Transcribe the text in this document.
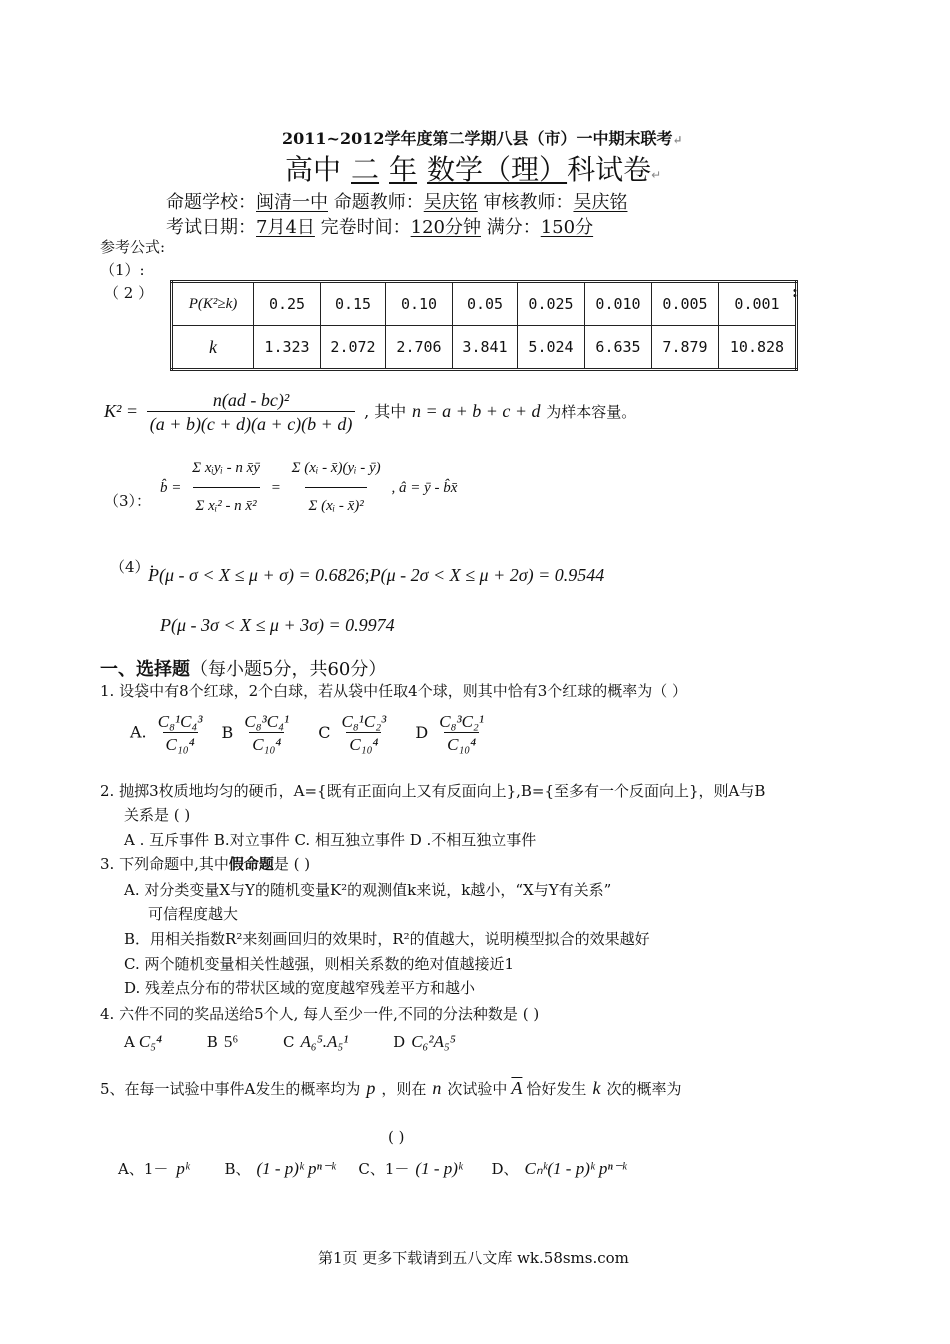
2011~2012学年度第二学期八县（市）一中期末联考↵
高中 二 年 数学（理）科试卷↵
命题学校：闽清一中 命题教师：吴庆铭 审核教师：吴庆铭
考试日期：7月4日 完卷时间：120分钟 满分：150分
参考公式:
（1）:
（ 2 ）	:
P(K²≥k)	0.25	0.15	0.10	0.05	0.025	0.010	0.005	0.001
k	1.323	2.072	2.706	3.841	5.024	6.635	7.879	10.828
$K^2 = \frac{\text{n(ad - bc)²}}{(a + b)(c + d)(a + c)(b + d)}$ , 其中 n = a + b + c + d 为样本容量。
（3）：
b̂ = $\frac{\text{Σ xᵢyᵢ - n x̄ȳ}}{\text{Σ xᵢ² - n x̄²}} = \frac{\text{Σ (xᵢ - x̄)(yᵢ - ȳ)}}{\text{Σ (xᵢ - x̄)²}}$ , â = ȳ - b̂x̄
（4）:
P(μ - σ < X ≤ μ + σ) = 0.6826;P(μ - 2σ < X ≤ μ + 2σ) = 0.9544
P(μ - 3σ < X ≤ μ + 3σ) = 0.9974
一、选择题（每小题5分，共60分）
1. 设袋中有8个红球，2个白球，若从袋中任取4个球，则其中恰有3个红球的概率为（ ）
A. $\frac{\text{C₈¹C₄³}}{\text{C₁₀⁴}}$ B $\frac{\text{C₈³C₄¹}}{\text{C₁₀⁴}}$ C $\frac{\text{C₈¹C₂³}}{\text{C₁₀⁴}}$ D $\frac{\text{C₈³C₂¹}}{\text{C₁₀⁴}}$
2. 抛掷3枚质地均匀的硬币，A={既有正面向上又有反面向上},B={至多有一个反面向上}，则A与B
关系是 ( )
A . 互斥事件 B.对立事件 C. 相互独立事件 D .不相互独立事件
3. 下列命题中,其中假命题是 ( )
A. 对分类变量X与Y的随机变量K²的观测值k来说，k越小，“X与Y有关系”
可信程度越大
B．用相关指数R²来刻画回归的效果时，R²的值越大，说明模型拟合的效果越好
C. 两个随机变量相关性越强，则相关系数的绝对值越接近1
D. 残差点分布的带状区域的宽度越窄残差平方和越小
4. 六件不同的奖品送给5个人, 每人至少一件,不同的分法种数是 ( )
A C₅⁴	B 5⁶	C A₆⁵.A₅¹	D C₆²A₅⁵
5、在每一试验中事件A发生的概率均为 p ，则在 n 次试验中 $\overline{A}$ 恰好发生 k 次的概率为
( )
A、1－ pᵏ B、 (1 - p)ᵏ pⁿ⁻ᵏ C、1－ (1 - p)ᵏ D、 Cₙᵏ(1 - p)ᵏ pⁿ⁻ᵏ
第1页 更多下载请到五八文库 wk.58sms.com
